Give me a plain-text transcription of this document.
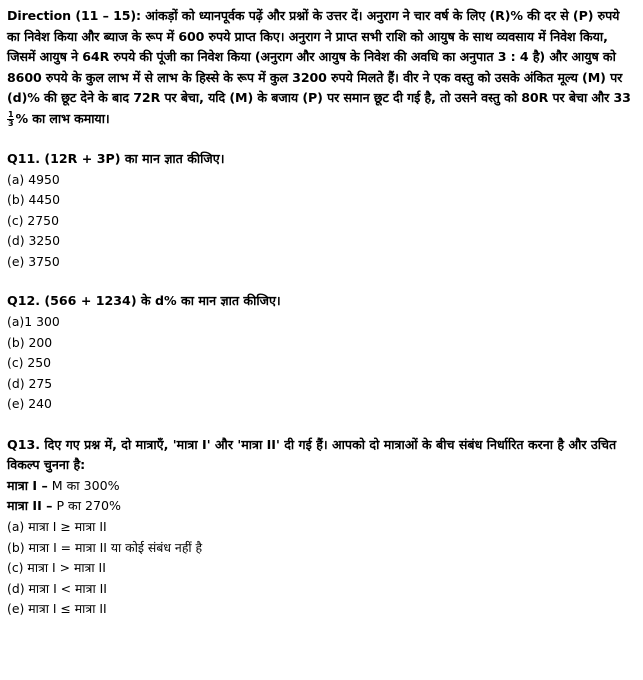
Direction (11 – 15): आंकड़ों को ध्यानपूर्वक पढ़ें और प्रश्नों के उत्तर दें। अनुराग ने चार वर्ष के लिए (R)% की दर से (P) रुपये का निवेश किया और ब्याज के रूप में 600 रुपये प्राप्त किए। अनुराग ने प्राप्त सभी राशि को आयुष के साथ व्यवसाय में निवेश किया, जिसमें आयुष ने 64R रुपये की पूंजी का निवेश किया (अनुराग और आयुष के निवेश की अवधि का अनुपात 3 : 4 है) और आयुष को 8600 रुपये के कुल लाभ में से लाभ के हिस्से के रूप में कुल 3200 रुपये मिलते हैं। वीर ने एक वस्तु को उसके अंकित मूल्य (M) पर (d)% की छूट देने के बाद 72R पर बेचा, यदि (M) के बजाय (P) पर समान छूट दी गई है, तो उसने वस्तु को 80R पर बेचा और 33
$\frac{1}{3}$ % का लाभ कमाया।

Q11. (12R + 3P) का मान ज्ञात कीजिए।

(a) 4950
(b) 4450
(c) 2750
(d) 3250
(e) 3750

Q12. (566 + 1234) के d% का मान ज्ञात कीजिए।

(a)1 300
(b) 200
(c) 250
(d) 275
(e) 240

Q13. दिए गए प्रश्न में, दो मात्राएँ, 'मात्रा I' और 'मात्रा II' दी गई हैं। आपको दो मात्राओं के बीच संबंध निर्धारित करना है और उचित विकल्प चुनना है:

मात्रा I – M का 300%

मात्रा II – P का 270%

(a) मात्रा I ≥ मात्रा II
(b) मात्रा I = मात्रा II या कोई संबंध नहीं है
(c) मात्रा I > मात्रा II
(d) मात्रा I < मात्रा II
(e) मात्रा I ≤ मात्रा II
